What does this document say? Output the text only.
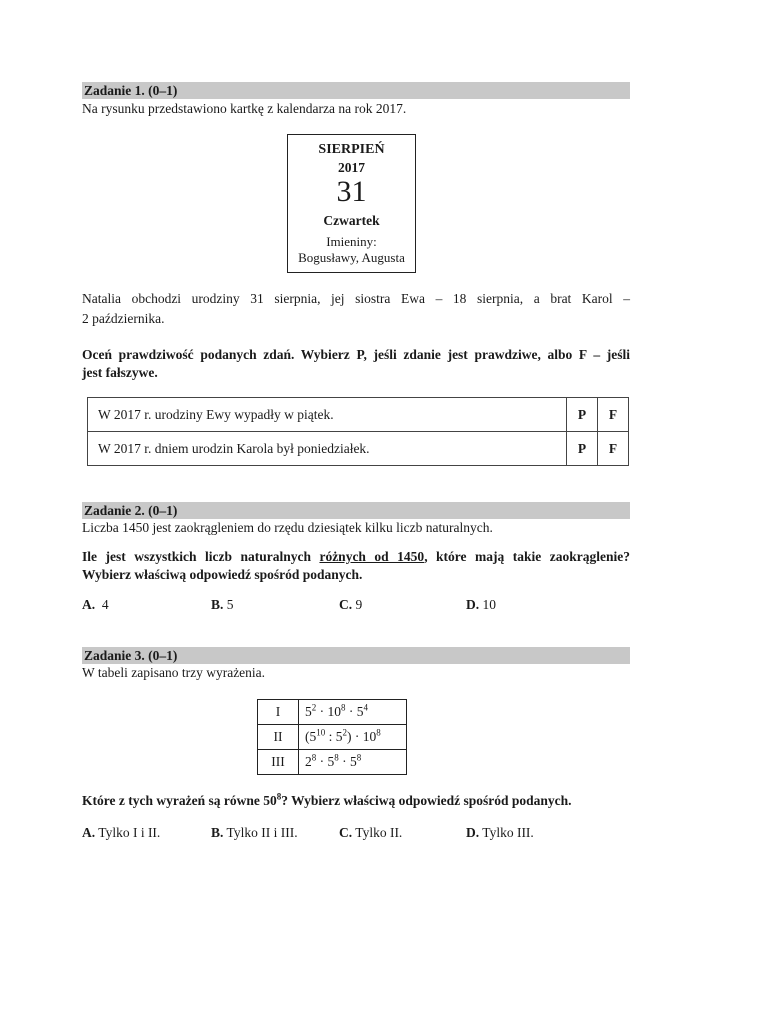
Zadanie 1. (0–1)
Na rysunku przedstawiono kartkę z kalendarza na rok 2017.
SIERPIEŃ
2017
31
Czwartek
Imieniny:
Bogusławy, Augusta
Natalia obchodzi urodziny 31 sierpnia, jej siostra Ewa – 18 sierpnia, a brat Karol –
2 października.
Oceń prawdziwość podanych zdań. Wybierz P, jeśli zdanie jest prawdziwe, albo F – jeśli
jest fałszywe.
W 2017 r. urodziny Ewy wypadły w piątek.	P	F
W 2017 r. dniem urodzin Karola był poniedziałek.	P	F
Zadanie 2. (0–1)
Liczba 1450 jest zaokrągleniem do rzędu dziesiątek kilku liczb naturalnych.
Ile jest wszystkich liczb naturalnych różnych od 1450, które mają takie zaokrąglenie?
Wybierz właściwą odpowiedź spośród podanych.
A. 4	B. 5	C. 9	D. 10
Zadanie 3. (0–1)
W tabeli zapisano trzy wyrażenia.
I	$5^2 \cdot 10^8 \cdot 5^4$
II	($5^{10}$ : $5^2) \cdot 10^8$
III	$2^8 \cdot 5^8 \cdot 5^8$
Które z tych wyrażeń są równe $50^8$? Wybierz właściwą odpowiedź spośród podanych.
A. Tylko I i II.	B. Tylko II i III.	C. Tylko II.	D. Tylko III.
